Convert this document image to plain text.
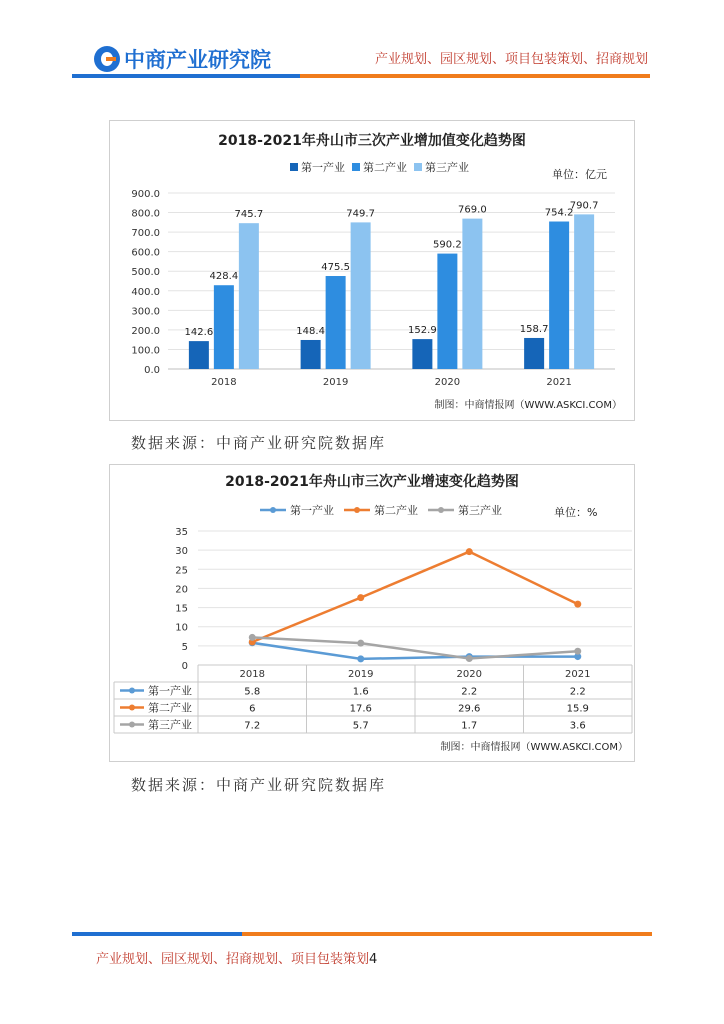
中商产业研究院	产业规划、园区规划、项目包装策划、招商规划
2018-2021年舟山市三次产业增加值变化趋势图
第一产业 第二产业 第三产业
单位：亿元
0.0
100.0
200.0
300.0
400.0
500.0
600.0
700.0
800.0
900.0
2018
142.6
428.4
745.7
2019
148.4
475.5
749.7
2020
152.9
590.2
769.0
2021
158.7
754.2
790.7
制图：中商情报网（WWW.ASKCI.COM）
数据来源：中商产业研究院数据库
2018-2021年舟山市三次产业增速变化趋势图
第一产业	第二产业	第三产业	单位：%
0
5
10
15
20
25
30
35
2018	2019	2020	2021
第一产业	5.8	1.6	2.2	2.2
第二产业	6	17.6	29.6	15.9
第三产业	7.2	5.7	1.7	3.6
制图：中商情报网（WWW.ASKCI.COM）
数据来源：中商产业研究院数据库
产业规划、园区规划、招商规划、项目包装策划4
